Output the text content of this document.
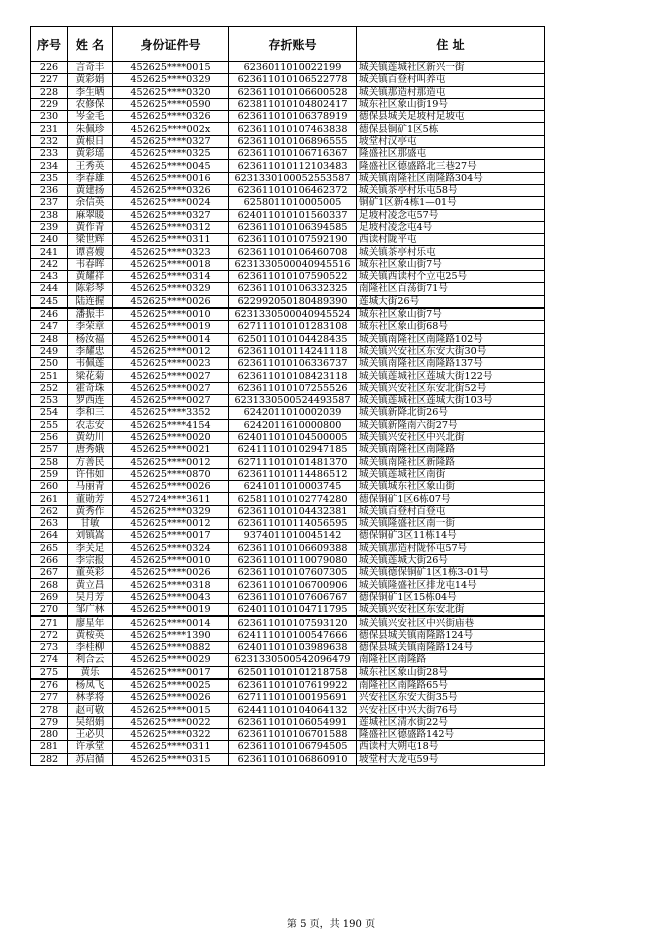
序号	姓 名	身份证件号	存折账号	住 址
226	言奇丰	452625****0015	6236011010022199	城关镇莲城社区新兴一街
227	黄彩娟	452625****0329	623611010106522778	城关镇百登村叫养屯
228	李生晒	452625****0320	623611010106600528	城关镇那造村那造屯
229	农修保	452625****0590	623811010104802417	城东社区象山街19号
230	岑金毛	452625****0326	623611010106378919	德保县城关足坡村足坡屯
231	朱佩珍	452625****002x	623611010107463838	德保县铜矿1区5栋
232	黄根日	452625****0327	623611010106896555	坡堂村汉亭屯
233	黄彩瑶	452625****0325	623611010106716367	隆盛社区那盛屯
234	王秀英	452625****0045	623611010112103483	隆盛社区德盛路北三巷27号
235	李春雄	452625****0016	6231330100052553587	城关镇南隆社区南隆路304号
236	黄建扬	452625****0326	623611010106462372	城关镇茶亭村乐屯58号
237	余信英	452625****0024	6258011010005005	铜矿1区新4栋1—01号
238	麻翠暖	452625****0327	624011010101560337	足坡村凌念屯57号
239	黄作青	452625****0312	623611010106394585	足坡村凌念屯4号
240	梁世辉	452625****0311	623611010107592190	西读村陇平屯
241	谭喜嫂	452625****0323	623611010106460708	城关镇茶亭村乐屯
242	韦春晖	452625****0018	6231330500040945516	城东社区象山街7号
243	黄耀祥	452625****0314	623611010107590522	城关镇西读村个立屯25号
244	陈彩琴	452625****0329	623611010106332325	南隆社区百荡街71号
245	陆连握	452625****0026	622992050180489390	莲城大街26号
246	潘振丰	452625****0010	6231330500040945524	城东社区象山街7号
247	李荣章	452625****0019	627111010101283108	城东社区象山街68号
248	杨汝福	452625****0014	625011010104428435	城关镇南隆社区南隆路102号
249	李耀忠	452625****0012	623611010114241118	城关镇兴安社区东安大街30号
250	韦佩莲	452625****0023	623611010106336737	城关镇南隆社区南隆路137号
251	梁花菊	452625****0027	623611010108423118	城关镇莲城社区莲城大街122号
252	霍奇珠	452625****0027	623611010107255526	城关镇兴安社区东安北街52号
253	罗西连	452625****0027	6231330500524493587	城关镇莲城社区莲城大街103号
254	李和三	452625****3352	6242011010002039	城关镇新降北街26号
255	农志安	452625****4154	6242011610000800	城关镇新隆南六街27号
256	黄幼川	452625****0020	624011010104500005	城关镇兴安社区中兴北街
257	唐秀娥	452625****0021	624111010102947185	城关镇南隆社区南隆路
258	方善民	452625****0012	627111010101481370	城关镇南隆社区新隆路
259	许伟如	452625****0870	623611010114486512	城关镇莲城社区南街
260	马丽青	452625****0026	6241011010003745	城关镇城东社区象山街
261	董勋芳	452724****3611	625811010102774280	德保铜矿1区6栋07号
262	黄秀作	452625****0329	623611010104432381	城关镇百登村百登屯
263	甘敏	452625****0012	623611010114056595	城关镇隆盛社区南一街
264	刘镇嵩	452625****0017	9374011010045142	德保铜矿3区11栋14号
265	李关足	452625****0324	623611010106609388	城关镇那造村陇怀屯57号
266	李宗报	452625****0010	623611010110079080	城关镇莲城大街26号
267	董英彩	452625****0026	623611010107607305	城关镇德保铜矿1区1栋3-01号
268	黄立昌	452625****0318	623611010106700906	城关镇隆盛社区排龙屯14号
269	吴月芳	452625****0043	623611010107606767	德保铜矿1区15栋04号
270	邹广林	452625****0019	624011010104711795	城关镇兴安社区东安北街
271	廖星年	452625****0014	623611010107593120	城关镇兴安社区中兴街庙巷
272	黄桉英	452625****1390	624111010100547666	德保县城关镇南隆路124号
273	李桂柳	452625****0882	624011010103989638	德保县城关镇南隆路124号
274	利合云	452625****0029	6231330500542096479	南隆社区南隆路
275	黄乐	452625****0017	625011010101218758	城东社区象山街28号
276	杨凤飞	452625****0025	623611010107619922	南隆社区南隆路65号
277	林孝将	452625****0026	627111010100195691	兴安社区东安大街35号
278	赵可敬	452625****0015	624411010104064132	兴安社区中兴大街76号
279	吴绍娟	452625****0022	623611010106054991	莲城社区清水街22号
280	王必贝	452625****0322	623611010106701588	隆盛社区德盛路142号
281	许承堂	452625****0311	623611010106794505	西读村大朔屯18号
282	苏启循	452625****0315	623611010106860910	坡堂村大龙屯59号
第 5 页，共 190 页
